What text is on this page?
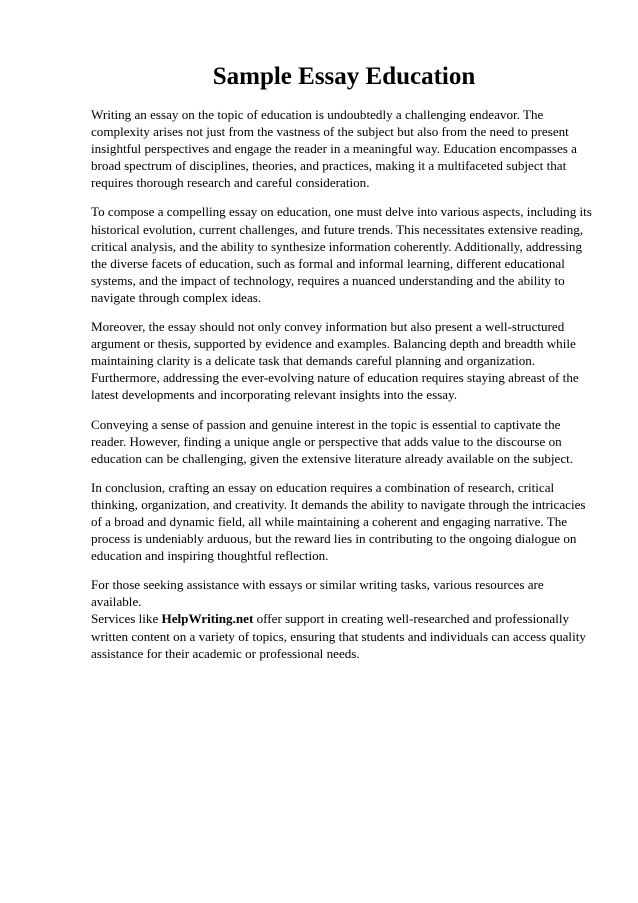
Sample Essay Education

Writing an essay on the topic of education is undoubtedly a challenging endeavor. The complexity arises not just from the vastness of the subject but also from the need to present insightful perspectives and engage the reader in a meaningful way. Education encompasses a broad spectrum of disciplines, theories, and practices, making it a multifaceted subject that requires thorough research and careful consideration.

To compose a compelling essay on education, one must delve into various aspects, including its historical evolution, current challenges, and future trends. This necessitates extensive reading, critical analysis, and the ability to synthesize information coherently. Additionally, addressing the diverse facets of education, such as formal and informal learning, different educational systems, and the impact of technology, requires a nuanced understanding and the ability to navigate through complex ideas.

Moreover, the essay should not only convey information but also present a well-structured argument or thesis, supported by evidence and examples. Balancing depth and breadth while maintaining clarity is a delicate task that demands careful planning and organization. Furthermore, addressing the ever-evolving nature of education requires staying abreast of the latest developments and incorporating relevant insights into the essay.

Conveying a sense of passion and genuine interest in the topic is essential to captivate the reader. However, finding a unique angle or perspective that adds value to the discourse on education can be challenging, given the extensive literature already available on the subject.

In conclusion, crafting an essay on education requires a combination of research, critical thinking, organization, and creativity. It demands the ability to navigate through the intricacies of a broad and dynamic field, all while maintaining a coherent and engaging narrative. The process is undeniably arduous, but the reward lies in contributing to the ongoing dialogue on education and inspiring thoughtful reflection.

For those seeking assistance with essays or similar writing tasks, various resources are available.
Services like HelpWriting.net offer support in creating well-researched and professionally written content on a variety of topics, ensuring that students and individuals can access quality assistance for their academic or professional needs.
